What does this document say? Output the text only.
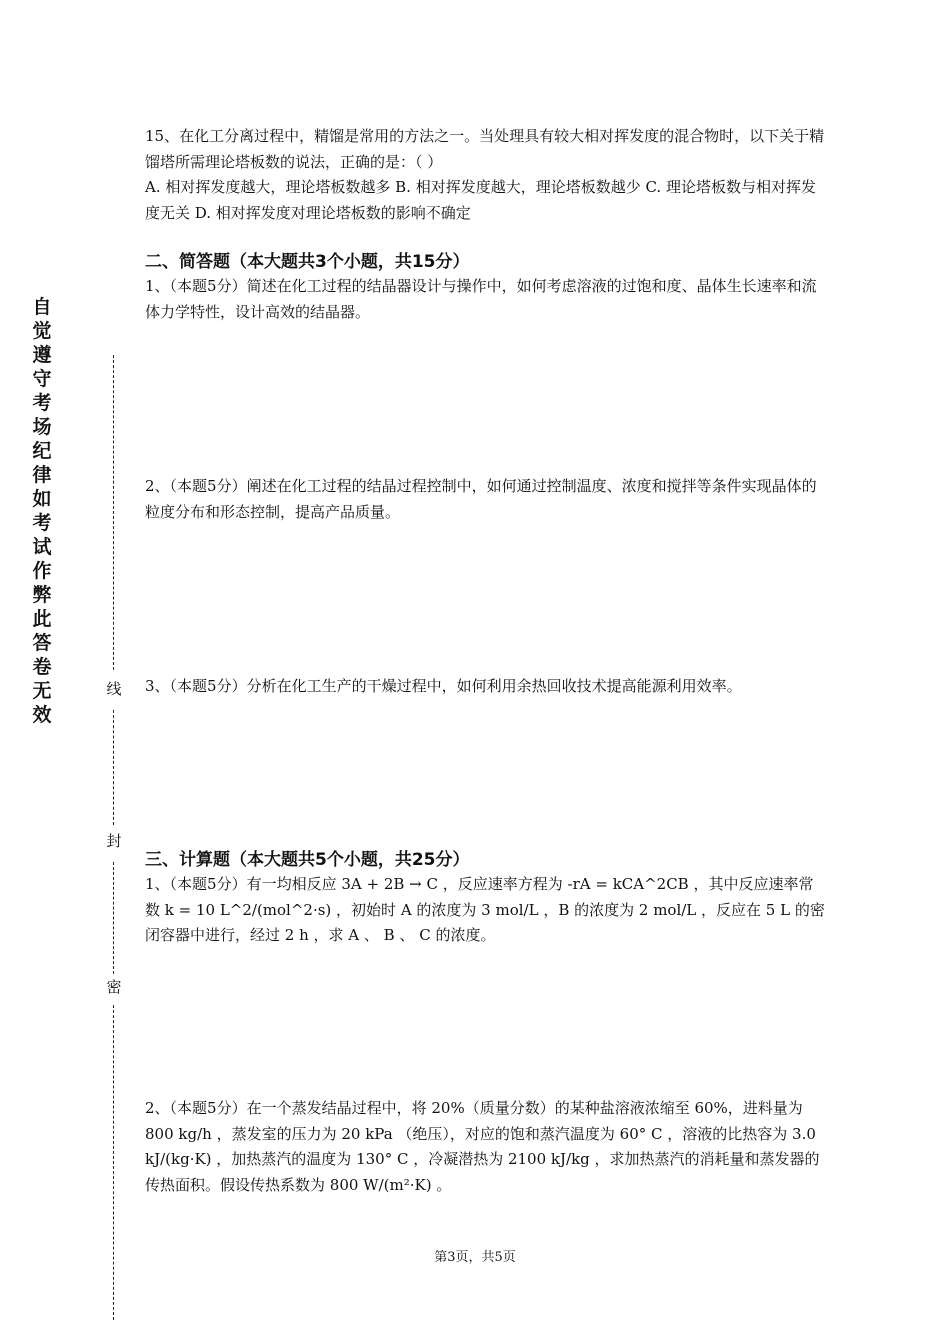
自觉遵守考场纪律如考试作弊此答卷无效
线
封
密

15、在化工分离过程中，精馏是常用的方法之一。当处理具有较大相对挥发度的混合物时，以下关于精馏塔所需理论塔板数的说法，正确的是：（ ）

A. 相对挥发度越大，理论塔板数越多 B. 相对挥发度越大，理论塔板数越少 C. 理论塔板数与相对挥发度无关 D. 相对挥发度对理论塔板数的影响不确定

二、简答题（本大题共3个小题，共15分）

1、（本题5分）简述在化工过程的结晶器设计与操作中，如何考虑溶液的过饱和度、晶体生长速率和流体力学特性，设计高效的结晶器。

2、（本题5分）阐述在化工过程的结晶过程控制中，如何通过控制温度、浓度和搅拌等条件实现晶体的粒度分布和形态控制，提高产品质量。

3、（本题5分）分析在化工生产的干燥过程中，如何利用余热回收技术提高能源利用效率。

三、计算题（本大题共5个小题，共25分）

1、（本题5分）有一均相反应 3A + 2B → C ，反应速率方程为 -rA = kCA^2CB ，其中反应速率常数 k = 10 L^2/(mol^2·s) ，初始时 A 的浓度为 3 mol/L ，B 的浓度为 2 mol/L ，反应在 5 L 的密闭容器中进行，经过 2 h ，求 A 、 B 、 C 的浓度。

2、（本题5分）在一个蒸发结晶过程中，将 20%（质量分数）的某种盐溶液浓缩至 60%，进料量为 800 kg/h ，蒸发室的压力为 20 kPa （绝压），对应的饱和蒸汽温度为 60° C ，溶液的比热容为 3.0 kJ/(kg·K) ，加热蒸汽的温度为 130° C ，冷凝潜热为 2100 kJ/kg ，求加热蒸汽的消耗量和蒸发器的传热面积。假设传热系数为 800 W/(m²·K) 。

第3页，共5页
